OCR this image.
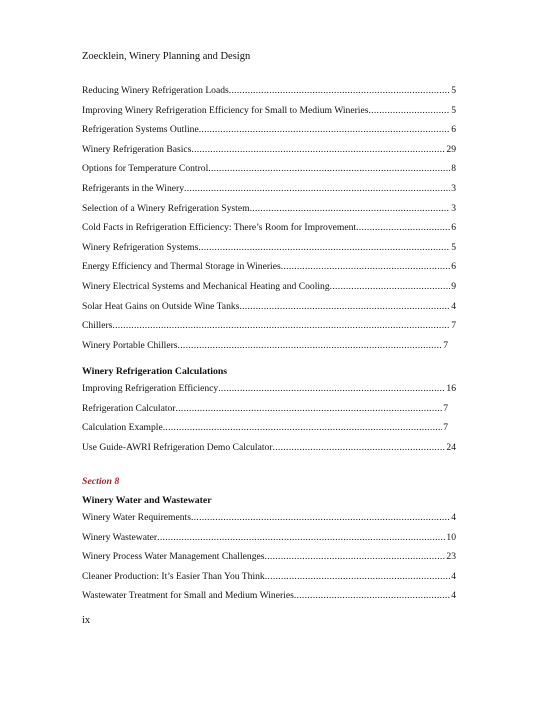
Zoecklein, Winery Planning and Design
Reducing Winery Refrigeration Loads .....	5
Improving Winery Refrigeration Efficiency for Small to Medium Wineries .....	5
Refrigeration Systems Outline .....	6
Winery Refrigeration Basics .....	29
Options for Temperature Control .....	8
Refrigerants in the Winery .....	3
Selection of a Winery Refrigeration System .....	3
Cold Facts in Refrigeration Efficiency: There’s Room for Improvement .....	6
Winery Refrigeration Systems .....	5
Energy Efficiency and Thermal Storage in Wineries .....	6
Winery Electrical Systems and Mechanical Heating and Cooling .....	9
Solar Heat Gains on Outside Wine Tanks .....	4
Chillers .....	7
Winery Portable Chillers .....	7
Winery Refrigeration Calculations
Improving Refrigeration Efficiency .....	16
Refrigeration Calculator .....	7
Calculation Example .....	7
Use Guide-AWRI Refrigeration Demo Calculator .....	24
Section 8
Winery Water and Wastewater
Winery Water Requirements .....	4
Winery Wastewater .....	10
Winery Process Water Management Challenges .....	23
Cleaner Production: It’s Easier Than You Think .....	4
Wastewater Treatment for Small and Medium Wineries .....	4
ix
